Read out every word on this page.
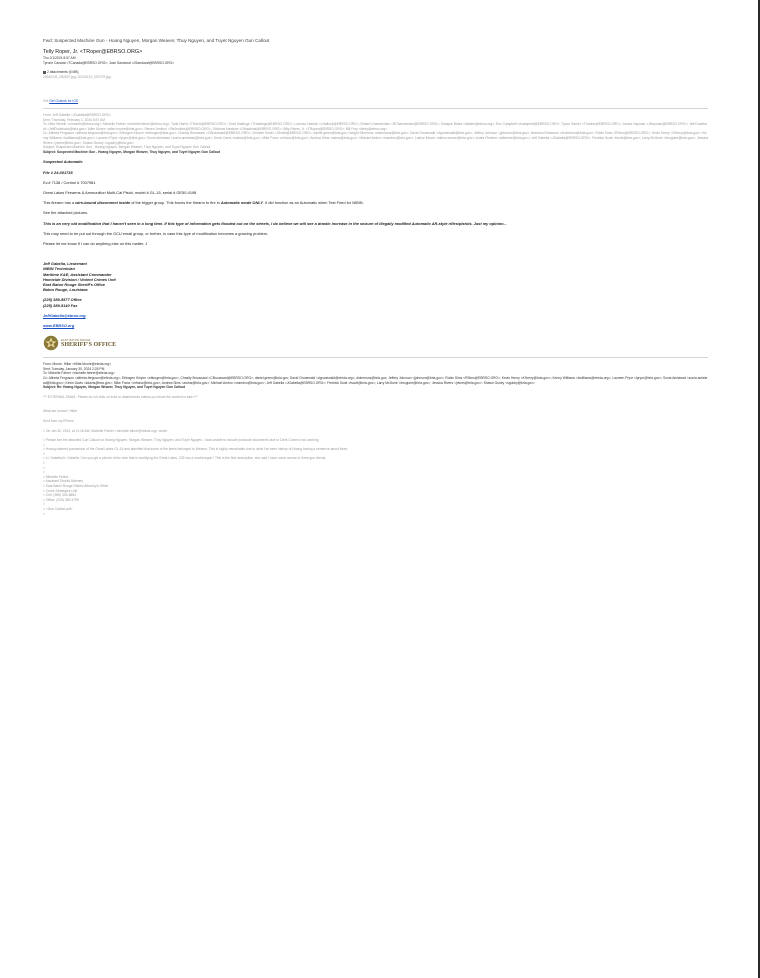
Fwd: Suspected Machine Gun - Hoang Nguyen, Morgan Weaver, Thuy Nguyen, and Tuyet Nguyen Gun Callout
Telly Roper, Jr. <TRoper@EBRSO.ORG>
Thu 2/1/2024 8:57 AM
Tyrone Canada <TCanada@EBRSO.ORG>; Jose Sandoval <JSandoval@EBRSO.ORG>
2 attachments (6 MB)
20240131_092527.jpg; 20240131_092729.jpg;
Get Get Outlook for iOS
From: Jeff Gabella <JGabella@EBRSO.ORG>
Sent: Thursday, February 1, 2024 8:57 AM
To: Mike Morein <mmorein@ebrso.org>; Michelle Fahrer <michelle.fahrer@ebrso.org>; Todd Harris <THarris@EBRSO.ORG>; Todd Hastings <THastings@EBRSO.ORG>; Lorenzo Hallock <LHallock@EBRSO.ORG>; Robert Chamberlain <RChamberlain@EBRSO.ORG>; Dwayne Bates <dbates@ebrso.org>; Eric Campbell <ecampbell@EBRSO.ORG>; Tyson Sarker <TSarker@EBRSO.ORG>; James Hayman <JHayman@EBRSO.ORG>; Jeff Dudeback <JeffDudeback@brla.gov>; Allen Moore <allen.moore@brla.gov>; Steven Jenkins <SteJenkins@EBRSO.ORG>; Gibbons Hawkins <GHawkins@EBRSO.ORG>; Billy Rivers, Jr. <TRoper@EBRSO.ORG>; Bill Frey <bfrey@ebrso.org>
Cc: Alfreda Ferguson <alfreda.ferguson@brla.gov>; Ebbogen Kinyon <ebbogen@brla.gov>; Chasity Broussard <CBroussard@EBRSO.ORG>; Jennifer Smith <JSmith@EBRSO.ORG>; daniel.green@brla.gov; Dwight Simmons <dsimmons@brla.gov>; David Grunewald <dgrunewald@brla.gov>; Jeffery Johnson <jjohnson@brla.gov>; Brandon Roberson <broberson@brla.gov>; Robin Sims <RSims@EBRSO.ORG>; Kevin Henry <KHenry@brla.gov>; Kenny Williams <kwilliams@brla.gov>; Laureen Pryor <lpryor@brla.gov>; Sonia Amistead <sonia.amistead@brla.gov>; Kevin Davis <kdavis@brla.gov>; Mike Franz <mfranz@brla.gov>; Andrea Sims <asims@brla.gov>; Michael Ambro <mambro@brla.gov>; Latrice Moore <latrice.moore@brla.gov>; Andre Fletcher <afletcher@brla.gov>; Jeff Gabella <JGabella@EBRSO.ORG>; Fredrick Scott <fscott@brla.gov>; Larry McGuire <lmcguire@brla.gov>; Jessica Rivers <jrivers@brla.gov>; Shawn Guidry <sguidry@brla.gov>
Subject: Suspected Machine Gun - Hoang Nguyen, Morgan Weaver, Thuy Nguyen, and Tuyet Nguyen Gun Callout
Subject: Suspected Machine Gun - Hoang Nguyen, Morgan Weaver, Thuy Nguyen, and Tuyet Nguyen Gun Callout
Suspected Automatic
File # 24-001735
Ev.# 7138 / Control # 7007981
Great Lakes Firearms & Ammunition Multi-Cal Pistol, model # GL-15, serial # GE50-4198
This firearm has a wire-bound disconnect inside of the trigger group. This forces the firearm to fire in Automatic mode ONLY. It did function as an Automatic when Test Fired for NIBIN.
See the attached pictures.
This is an very old modification that I haven't seen in a long time. If this type of information gets flooded out on the streets, I do believe we will see a drastic increase in the seizure of illegally modified Automatic AR-style rifles/pistols. Just my opinion...
This may need to be put out through the GCU email group, or further, in case this type of modification becomes a growing problem.
Please let me know if I can do anything else on this matter. J
Jeff Gabella, Lieutenant
NIBIN Technician
Maritime K&E, Assistant Commander
Homicide Division / Violent Crimes Unit
East Baton Rouge Sheriff's Office
Baton Rouge, Louisiana
(225) 389-5577 Office
(225) 389-5140 Fax
JeffGabella@ebrso.org
www.EBRSO.org
EAST BATON ROUGE
SHERIFF'S OFFICE
From: Moore, Hillar <Hillar.Moore@ebrda.org>
Sent: Tuesday, January 30, 2024 2:25 PM
To: Michelle Fahrer <michelle.fahrer@ebrda.org>
Cc: Alfreda Ferguson <alfreda.ferguson@ebrda.org>; Ebbogen Kinyon <ebbogen@brla.gov>; Chasity Broussard <CBroussard@EBRSO.ORG>; daniel.green@brla.gov; David Grunewald <dgrunewald@ebrda.org>; dsimmons@brla.gov; Jeffery Johnson <jjohnson@brla.gov>; Robin Sims <RSims@EBRSO.ORG>; Kevin Henry <KHenry@brla.gov>; Kenny Williams <kwilliams@ebrda.org>; Laureen Pryor <lpryor@brla.gov>; Sonia Amistead <sonia.amistead@brla.gov>; Kevin Davis <kdavis@brla.gov>; Mike Franz <mfranz@brla.gov>; Andrea Sims <asims@brla.gov>; Michael Ambro <mambro@brla.gov>; Jeff Gabella <JGabella@EBRSO.ORG>; Fredrick Scott <fscott@brla.gov>; Larry McGuire <lmcguire@brla.gov>; Jessica Rivers <jrivers@brla.gov>; Shawn Guidry <sguidry@brla.gov>
Subject: Re: Hoang Nguyen, Morgan Weaver, Thuy Nguyen, and Tuyet Nguyen Gun Callout
*** EXTERNAL EMAIL: Please do not click on links or attachments unless you know the content is safe.***
What are known? Hillar
Sent from my iPhone
> On Jan 30, 2024, at 11:16 AM, Michelle Fahrer <michelle.fahrer@ebrda.org> wrote:
> Please see the attached Gun Callout on Hoang Nguyen, Morgan Weaver, Thuy Nguyen, and Tuyet Nguyen. I was unable to include postcode documents due to Clerk Connect not working.
>
> Hoang claimed possession of the Great Lakes GL-15 and admitted that some of the items belonged to Weaver. This is highly remarkable due to what I've seen history of Hoang having a sentence about three.
>
> Lt. Gabella/Lt. Gabella: Can you get a picture of the wire that is modifying the Great Lakes .223 into a machinegun? This is the first description, she said I have come across in three gun clients.
>
>
>
> Michelle Fahrer
> Assistant District Attorney
> East Baton Rouge District Attorney's Office
> Crime Strategies Unit
> Cell: (985) 345-8884
> Office: (225) 389-4799
>
> <Gun Callout.pdf>
>
